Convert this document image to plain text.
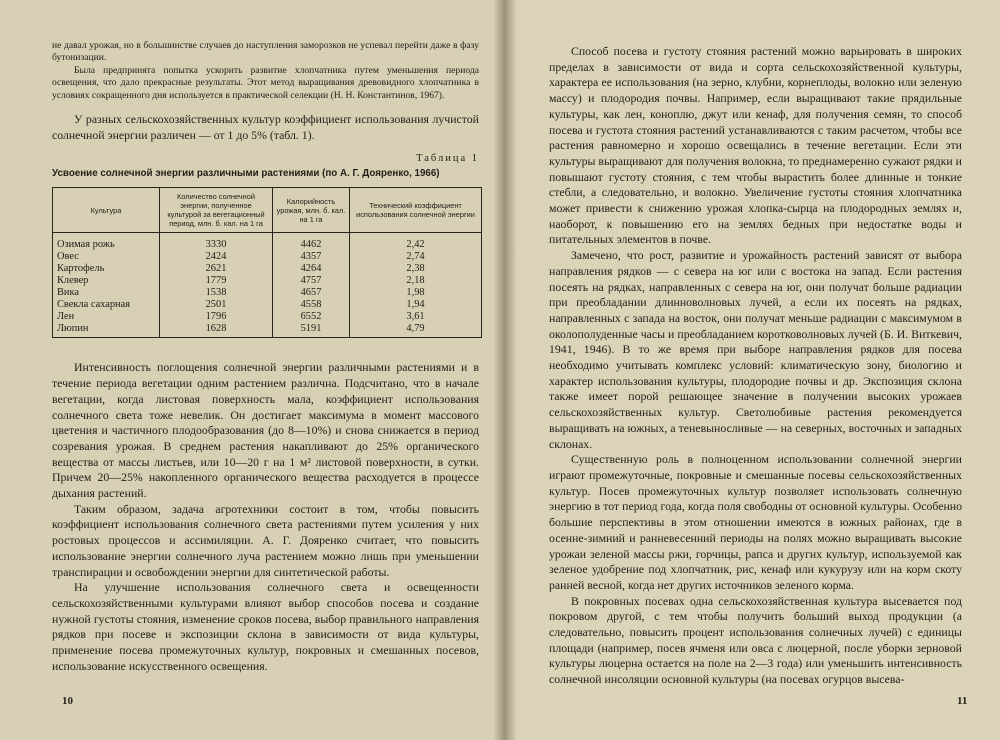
не давал урожая, но в большинстве случаев до наступления заморозков не успевал перейти даже в фазу бутонизации.

Была предпринята попытка ускорить развитие хлопчатника путем уменьшения периода освещения, что дало прекрасные результаты. Этот метод выращивания древовидного хлопчатника в условиях сокращенного дня используется в практической селекции (Н. Н. Константинов, 1967).

У разных сельскохозяйственных культур коэффициент использования лучистой солнечной энергии различен — от 1 до 5% (табл. 1).

Таблица 1
Усвоение солнечной энергии различными растениями (по А. Г. Дояренко, 1966)
Культура	Количество солнечной энергии, полученное культурой за вегетационный период, млн. б. кал. на 1 га	Калорийность урожая, млн. б. кал. на 1 га	Технический коэффициент использования солнечной энергии
Озимая рожь	3330	4462	2,42
Овес	2424	4357	2,74
Картофель	2621	4264	2,38
Клевер	1779	4757	2,18
Вика	1538	4657	1,98
Свекла сахарная	2501	4558	1,94
Лен	1796	6552	3,61
Люпин	1628	5191	4,79

Интенсивность поглощения солнечной энергии различными растениями и в течение периода вегетации одним растением различна. Подсчитано, что в начале вегетации, когда листовая поверхность мала, коэффициент использования солнечного света тоже невелик. Он достигает максимума в момент массового цветения и частичного плодообразования (до 8—10%) и снова снижается в период созревания урожая. В среднем растения накапливают до 25% органического вещества от массы листьев, или 10—20 г на 1 м² листовой поверхности, в сутки. Причем 20—25% накопленного органического вещества расходуется в процессе дыхания растений.

Таким образом, задача агротехники состоит в том, чтобы повысить коэффициент использования солнечного света растениями путем усиления у них ростовых процессов и ассимиляции. А. Г. Дояренко считает, что повысить использование энергии солнечного луча растением можно лишь при уменьшении транспирации и освобождении энергии для синтетической работы.

На улучшение использования солнечного света и освещенности сельскохозяйственными культурами влияют выбор способов посева и создание нужной густоты стояния, изменение сроков посева, выбор правильного направления рядков при посеве и экспозиции склона в зависимости от вида культуры, применение посева промежуточных культур, покровных и смешанных посевов, использование искусственного освещения.

10

Способ посева и густоту стояния растений можно варьировать в широких пределах в зависимости от вида и сорта сельскохозяйственной культуры, характера ее использования (на зерно, клубни, корнеплоды, волокно или зеленую массу) и плодородия почвы. Например, если выращивают такие прядильные культуры, как лен, коноплю, джут или кенаф, для получения семян, то способ посева и густота стояния растений устанавливаются с таким расчетом, чтобы все растения равномерно и хорошо освещались в течение вегетации. Если эти культуры выращивают для получения волокна, то преднамеренно сужают рядки и повышают густоту стояния, с тем чтобы вырастить более длинные и тонкие стебли, а следовательно, и волокно. Увеличение густоты стояния хлопчатника может привести к снижению урожая хлопка-сырца на плодородных землях и, наоборот, к повышению его на землях бедных при недостатке воды и питательных элементов в почве.

Замечено, что рост, развитие и урожайность растений зависят от выбора направления рядков — с севера на юг или с востока на запад. Если растения посеять на рядках, направленных с севера на юг, они получат больше радиации при преобладании длинноволновых лучей, а если их посеять на рядках, направленных с запада на восток, они получат меньше радиации с максимумом в околополуденные часы и преобладанием коротковолновых лучей (Б. И. Виткевич, 1941, 1946). В то же время при выборе направления рядков для посева необходимо учитывать комплекс условий: климатическую зону, биологию и характер использования культуры, плодородие почвы и др. Экспозиция склона также имеет порой решающее значение в получении высоких урожаев сельскохозяйственных культур. Светолюбивые растения рекомендуется выращивать на южных, а теневыносливые — на северных, восточных и западных склонах.

Существенную роль в полноценном использовании солнечной энергии играют промежуточные, покровные и смешанные посевы сельскохозяйственных культур. Посев промежуточных культур позволяет использовать солнечную энергию в тот период года, когда поля свободны от основной культуры. Особенно большие перспективы в этом отношении имеются в южных районах, где в осенне-зимний и ранневесенний периоды на полях можно выращивать высокие урожаи зеленой массы ржи, горчицы, рапса и других культур, используемой как зеленое удобрение под хлопчатник, рис, кенаф или кукурузу или на корм скоту ранней весной, когда нет других источников зеленого корма.

В покровных посевах одна сельскохозяйственная культура высевается под покровом другой, с тем чтобы получить больший выход продукции (а следовательно, повысить процент использования солнечных лучей) с единицы площади (например, посев ячменя или овса с люцерной, после уборки зерновой культуры люцерна остается на поле на 2—3 года) или уменьшить интенсивность солнечной инсоляции основной культуры (на посевах огурцов высева-

11
